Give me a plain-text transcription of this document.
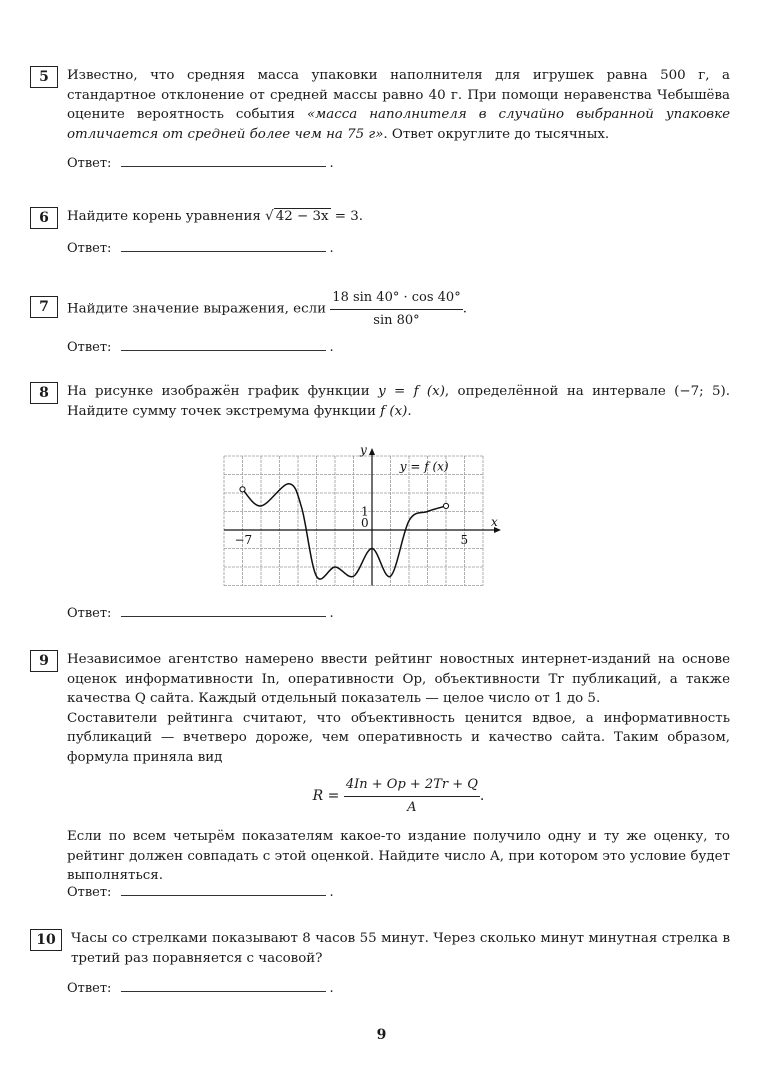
5	Известно, что средняя масса упаковки наполнителя для игрушек равна 500 г, а стандартное отклонение от средней массы равно 40 г. При помощи неравенства Чебышёва оцените вероятность события «масса наполнителя в случайно выбранной упаковке отличается от средней более чем на 75 г». Ответ округлите до тысячных.

Ответ:	.
6	Найдите корень уравнения √ 42 − 3x = 3.
Ответ:	.
7	Найдите значение выражения, если $\frac{18 \sin 40^\circ \cdot \cos 40^\circ}{\sin 80^\circ}$ .
Ответ:	.
8	На рисунке изображён график функции y = f (x), определённой на интервале (−7; 5). Найдите сумму точек экстремума функции f (x).

Ответ:	.
−7	5
1
0	x
y
y = f (x)
9	Независимое агентство намерено ввести рейтинг новостных интернет-изданий на основе оценок информативности In, оперативности Op, объективности Tr публикаций, а также качества Q сайта. Каждый отдельный показатель — целое число от 1 до 5.

Составители рейтинга считают, что объективность ценится вдвое, а информативность публикаций — вчетверо дороже, чем оперативность и качество сайта. Таким образом, формула приняла вид

$R = \frac{4In + Op + 2Tr + Q}{A}$ .

Если по всем четырём показателям какое-то издание получило одну и ту же оценку, то рейтинг должен совпадать с этой оценкой. Найдите число A, при котором это условие будет выполняться.

Ответ:	.
10	Часы со стрелками показывают 8 часов 55 минут. Через сколько минут минутная стрелка в третий раз поравняется с часовой?

Ответ:	.
9
